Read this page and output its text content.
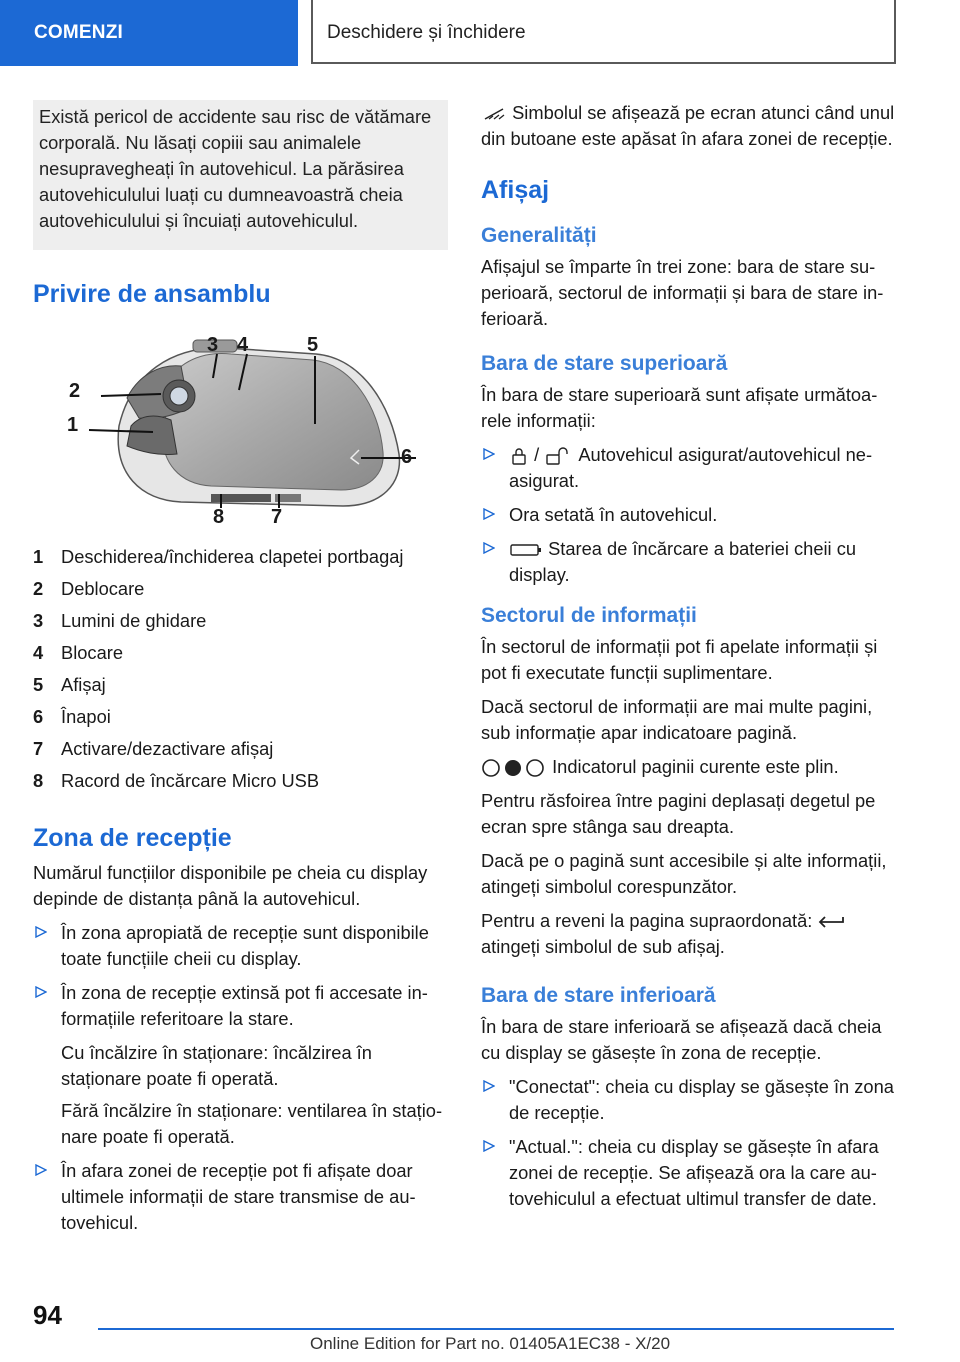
COMENZI	Deschidere și închidere

Există pericol de accidente sau risc de vătămare corporală. Nu lăsați copiii sau animalele nesupravegheați în autovehicul. La părăsirea autovehiculului luați cu dumneavoastră cheia autovehiculului și încuiați autovehiculul.

Privire de ansamblu
1
2
3 4	5
6
7
8
1 Deschiderea/închiderea clapetei portbagaj
2 Deblocare
3 Lumini de ghidare
4 Blocare
5 Afișaj
6 Înapoi
7 Activare/dezactivare afișaj
8 Racord de încărcare Micro USB
Zona de recepție

Numărul funcțiilor disponibile pe cheia cu display depinde de distanța până la autovehicul.

În zona apropiată de recepție sunt disponibile toate funcțiile cheii cu display.
În zona de recepție extinsă pot fi accesate informațiile referitoare la stare.

Cu încălzire în staționare: încălzirea în staționare poate fi operată.

Fără încălzire în staționare: ventilarea în staționare poate fi operată.

În afara zonei de recepție pot fi afișate doar ultimele informații de stare transmise de autovehicul.

Simbolul se afișează pe ecran atunci când unul din butoane este apăsat în afara zonei de recepție.

Afișaj
Generalități

Afișajul se împarte în trei zone: bara de stare superioară, sectorul de informații și bara de stare inferioară.

Bara de stare superioară

În bara de stare superioară sunt afișate următoarele informații:

/ Autovehicul asigurat/autovehicul neasigurat.
Ora setată în autovehicul.
Starea de încărcare a bateriei cheii cu display.
Sectorul de informații

În sectorul de informații pot fi apelate informații și pot fi executate funcții suplimentare.

Dacă sectorul de informații are mai multe pagini, sub informație apar indicatoare pagină.

Indicatorul paginii curente este plin.

Pentru răsfoirea între pagini deplasați degetul pe ecran spre stânga sau dreapta.

Dacă pe o pagină sunt accesibile și alte informații, atingeți simbolul corespunzător.

Pentru a reveni la pagina supraordonată:
atingeți simbolul de sub afișaj.

Bara de stare inferioară

În bara de stare inferioară se afișează dacă cheia cu display se găsește în zona de recepție.

"Conectat": cheia cu display se găsește în zona de recepție.
"Actual.": cheia cu display se găsește în afara zonei de recepție. Se afișează ora la care autovehiculul a efectuat ultimul transfer de date.
94
Online Edition for Part no. 01405A1EC38 - X/20
